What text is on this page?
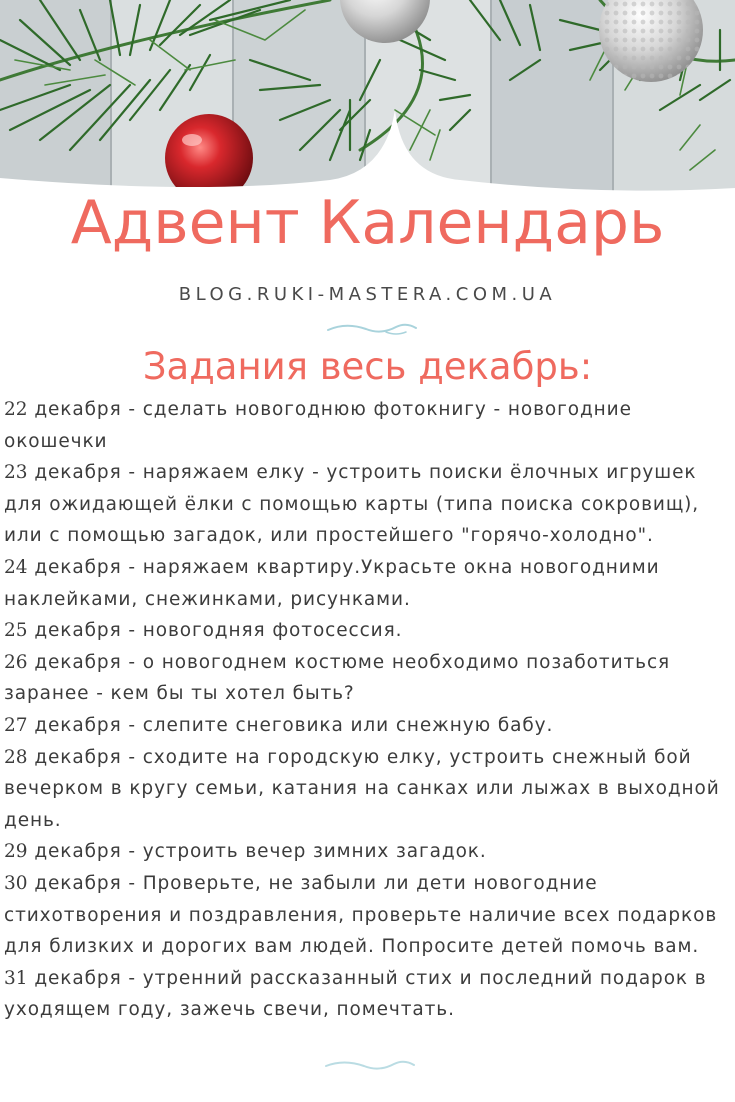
Адвент Календарь
BLOG.RUKI-MASTERA.COM.UA
Задания весь декабрь:
22 декабря - сделать новогоднюю фотокнигу - новогодние окошечки
23 декабря - наряжаем елку - устроить поиски ёлочных игрушек для ожидающей ёлки с помощью карты (типа поиска сокровищ), или с помощью загадок, или простейшего "горячо-холодно".
24 декабря - наряжаем квартиру.Украсьте окна новогодними наклейками, снежинками, рисунками.
25 декабря - новогодняя фотосессия.
26 декабря - о новогоднем костюме необходимо позаботиться заранее - кем бы ты хотел быть?
27 декабря - слепите снеговика или снежную бабу.
28 декабря - сходите на городскую елку, устроить снежный бой вечерком в кругу семьи, катания на санках или лыжах в выходной день.
29 декабря - устроить вечер зимних загадок.
30 декабря - Проверьте, не забыли ли дети новогодние стихотворения и поздравления, проверьте наличие всех подарков для близких и дорогих вам людей. Попросите детей помочь вам.
31 декабря - утренний рассказанный стих и последний подарок в уходящем году, зажечь свечи, помечтать.
